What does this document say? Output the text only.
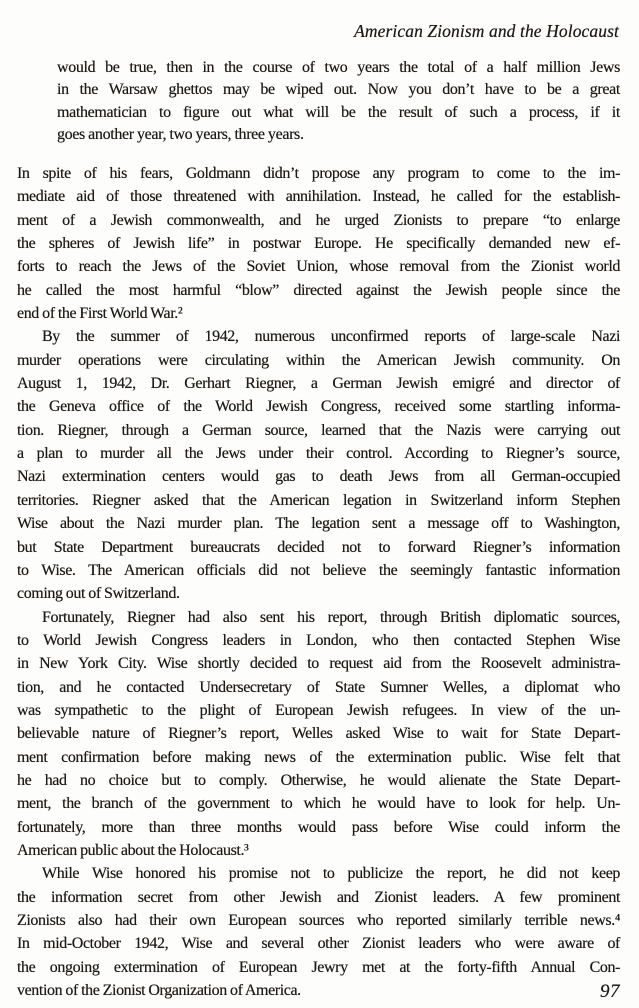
American Zionism and the Holocaust
would be true, then in the course of two years the total of a half million Jews
in the Warsaw ghettos may be wiped out. Now you don’t have to be a great
mathematician to figure out what will be the result of such a process, if it
goes another year, two years, three years.
In spite of his fears, Goldmann didn’t propose any program to come to the im-
mediate aid of those threatened with annihilation. Instead, he called for the establish-
ment of a Jewish commonwealth, and he urged Zionists to prepare “to enlarge
the spheres of Jewish life” in postwar Europe. He specifically demanded new ef-
forts to reach the Jews of the Soviet Union, whose removal from the Zionist world
he called the most harmful “blow” directed against the Jewish people since the
end of the First World War.²
By the summer of 1942, numerous unconfirmed reports of large-scale Nazi
murder operations were circulating within the American Jewish community. On
August 1, 1942, Dr. Gerhart Riegner, a German Jewish emigré and director of
the Geneva office of the World Jewish Congress, received some startling informa-
tion. Riegner, through a German source, learned that the Nazis were carrying out
a plan to murder all the Jews under their control. According to Riegner’s source,
Nazi extermination centers would gas to death Jews from all German-occupied
territories. Riegner asked that the American legation in Switzerland inform Stephen
Wise about the Nazi murder plan. The legation sent a message off to Washington,
but State Department bureaucrats decided not to forward Riegner’s information
to Wise. The American officials did not believe the seemingly fantastic information
coming out of Switzerland.
Fortunately, Riegner had also sent his report, through British diplomatic sources,
to World Jewish Congress leaders in London, who then contacted Stephen Wise
in New York City. Wise shortly decided to request aid from the Roosevelt administra-
tion, and he contacted Undersecretary of State Sumner Welles, a diplomat who
was sympathetic to the plight of European Jewish refugees. In view of the un-
believable nature of Riegner’s report, Welles asked Wise to wait for State Depart-
ment confirmation before making news of the extermination public. Wise felt that
he had no choice but to comply. Otherwise, he would alienate the State Depart-
ment, the branch of the government to which he would have to look for help. Un-
fortunately, more than three months would pass before Wise could inform the
American public about the Holocaust.³
While Wise honored his promise not to publicize the report, he did not keep
the information secret from other Jewish and Zionist leaders. A few prominent
Zionists also had their own European sources who reported similarly terrible news.⁴
In mid-October 1942, Wise and several other Zionist leaders who were aware of
the ongoing extermination of European Jewry met at the forty-fifth Annual Con-
vention of the Zionist Organization of America.	97
